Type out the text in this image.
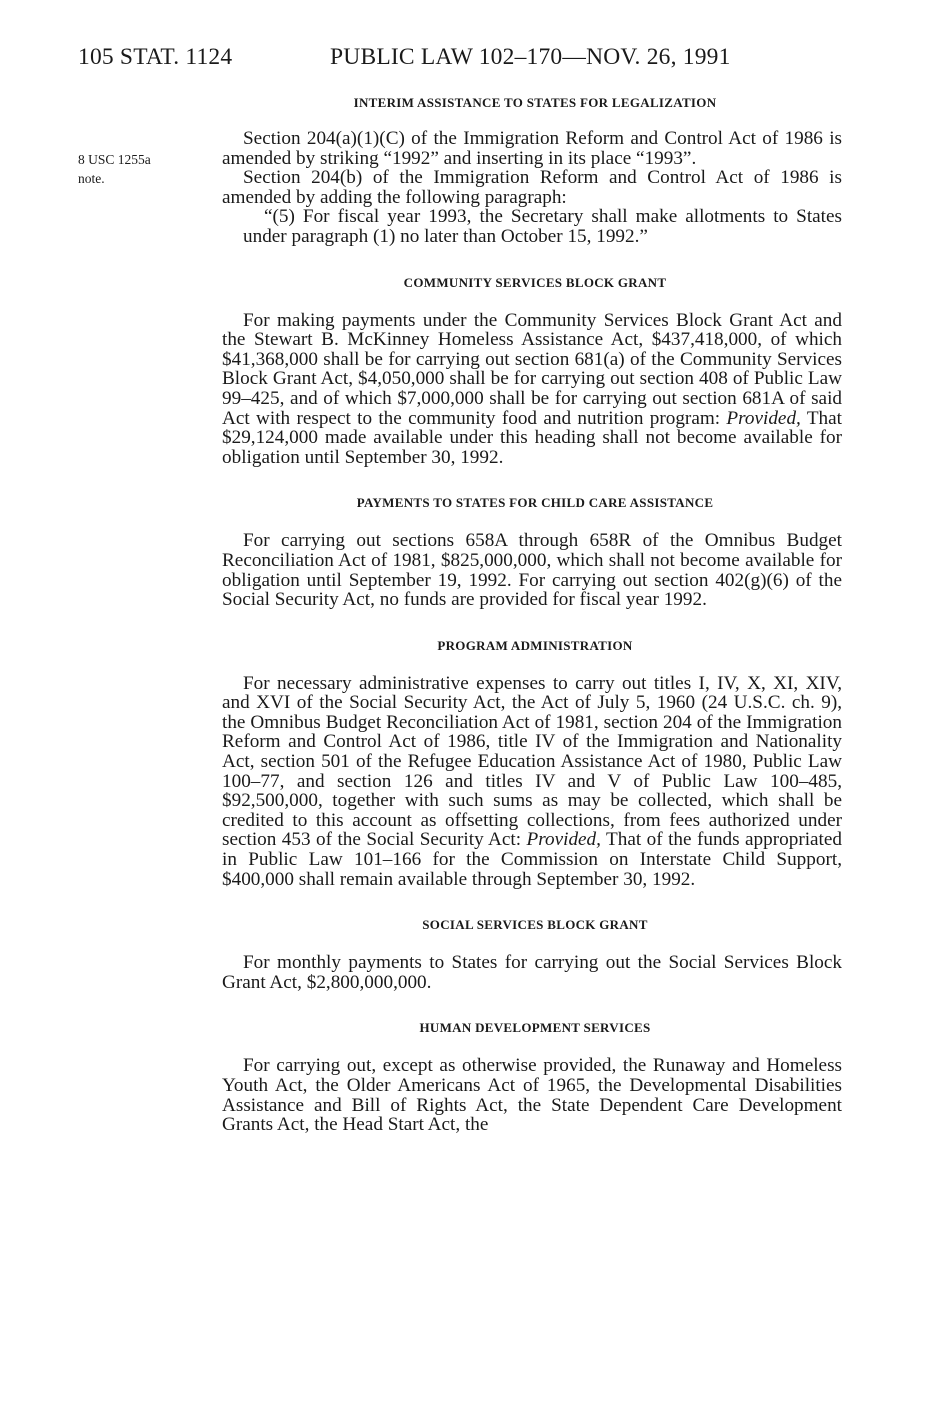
105 STAT. 1124	PUBLIC LAW 102–170—NOV. 26, 1991
8 USC 1255a
note.

INTERIM ASSISTANCE TO STATES FOR LEGALIZATION

Section 204(a)(1)(C) of the Immigration Reform and Control Act of 1986 is amended by striking “1992” and inserting in its place “1993”.

Section 204(b) of the Immigration Reform and Control Act of 1986 is amended by adding the following paragraph:

“(5) For fiscal year 1993, the Secretary shall make allotments to States under paragraph (1) no later than October 15, 1992.”

COMMUNITY SERVICES BLOCK GRANT

For making payments under the Community Services Block Grant Act and the Stewart B. McKinney Homeless Assistance Act, $437,418,000, of which $41,368,000 shall be for carrying out section 681(a) of the Community Services Block Grant Act, $4,050,000 shall be for carrying out section 408 of Public Law 99–425, and of which $7,000,000 shall be for carrying out section 681A of said Act with respect to the community food and nutrition program: Provided, That $29,124,000 made available under this heading shall not become available for obligation until September 30, 1992.

PAYMENTS TO STATES FOR CHILD CARE ASSISTANCE

For carrying out sections 658A through 658R of the Omnibus Budget Reconciliation Act of 1981, $825,000,000, which shall not become available for obligation until September 19, 1992. For carrying out section 402(g)(6) of the Social Security Act, no funds are provided for fiscal year 1992.

PROGRAM ADMINISTRATION

For necessary administrative expenses to carry out titles I, IV, X, XI, XIV, and XVI of the Social Security Act, the Act of July 5, 1960 (24 U.S.C. ch. 9), the Omnibus Budget Reconciliation Act of 1981, section 204 of the Immigration Reform and Control Act of 1986, title IV of the Immigration and Nationality Act, section 501 of the Refugee Education Assistance Act of 1980, Public Law 100–77, and section 126 and titles IV and V of Public Law 100–485, $92,500,000, together with such sums as may be collected, which shall be credited to this account as offsetting collections, from fees authorized under section 453 of the Social Security Act: Provided, That of the funds appropriated in Public Law 101–166 for the Commission on Interstate Child Support, $400,000 shall remain available through September 30, 1992.

SOCIAL SERVICES BLOCK GRANT

For monthly payments to States for carrying out the Social Services Block Grant Act, $2,800,000,000.

HUMAN DEVELOPMENT SERVICES

For carrying out, except as otherwise provided, the Runaway and Homeless Youth Act, the Older Americans Act of 1965, the Developmental Disabilities Assistance and Bill of Rights Act, the State Dependent Care Development Grants Act, the Head Start Act, the
